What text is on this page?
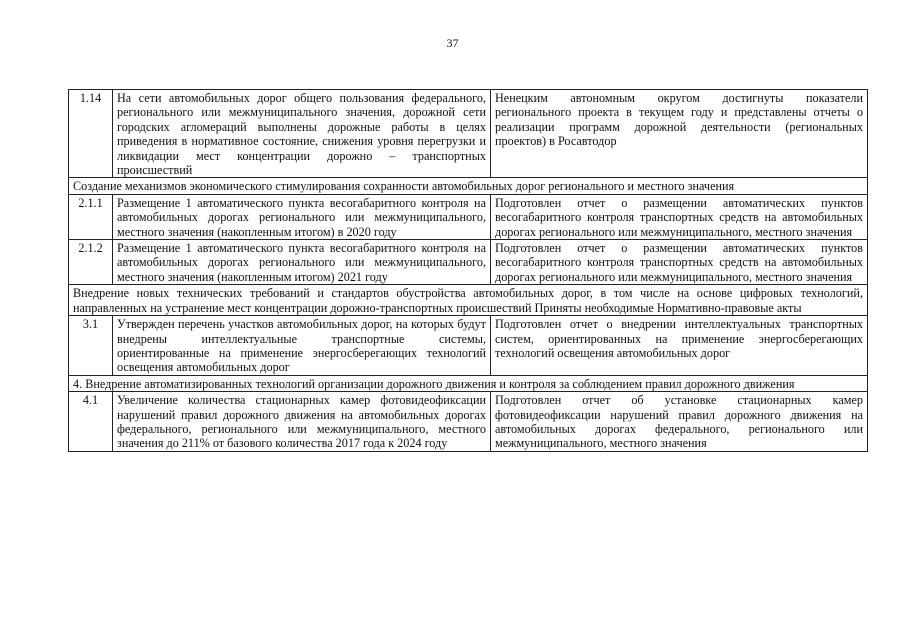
37
1.14	На сети автомобильных дорог общего пользования федерального, регионального или межмуниципального значения, дорожной сети городских агломераций выполнены дорожные работы в целях приведения в нормативное состояние, снижения уровня перегрузки и ликвидации мест концентрации дорожно – транспортных происшествий	Ненецким автономным округом достигнуты показатели регионального проекта в текущем году и представлены отчеты о реализации программ дорожной деятельности (региональных проектов) в Росавтодор
Создание механизмов экономического стимулирования сохранности автомобильных дорог регионального и местного значения		
2.1.1	Размещение 1 автоматического пункта весогабаритного контроля на автомобильных дорогах регионального или межмуниципального, местного значения (накопленным итогом) в 2020 году	Подготовлен отчет о размещении автоматических пунктов весогабаритного контроля транспортных средств на автомобильных дорогах регионального или межмуниципального, местного значения
2.1.2	Размещение 1 автоматического пункта весогабаритного контроля на автомобильных дорогах регионального или межмуниципального, местного значения (накопленным итогом) 2021 году	Подготовлен отчет о размещении автоматических пунктов весогабаритного контроля транспортных средств на автомобильных дорогах регионального или межмуниципального, местного значения
Внедрение новых технических требований и стандартов обустройства автомобильных дорог, в том числе на основе цифровых технологий, направленных на устранение мест концентрации дорожно-транспортных происшествий Приняты необходимые Нормативно-правовые акты		
3.1	Утвержден перечень участков автомобильных дорог, на которых будут внедрены интеллектуальные транспортные системы, ориентированные на применение энергосберегающих технологий освещения автомобильных дорог	Подготовлен отчет о внедрении интеллектуальных транспортных систем, ориентированных на применение энергосберегающих технологий освещения автомобильных дорог
4. Внедрение автоматизированных технологий организации дорожного движения и контроля за соблюдением правил дорожного движения		
4.1	Увеличение количества стационарных камер фотовидеофиксации нарушений правил дорожного движения на автомобильных дорогах федерального, регионального или межмуниципального, местного значения до 211% от базового количества 2017 года к 2024 году	Подготовлен отчет об установке стационарных камер фотовидеофиксации нарушений правил дорожного движения на автомобильных дорогах федерального, регионального или межмуниципального, местного значения
